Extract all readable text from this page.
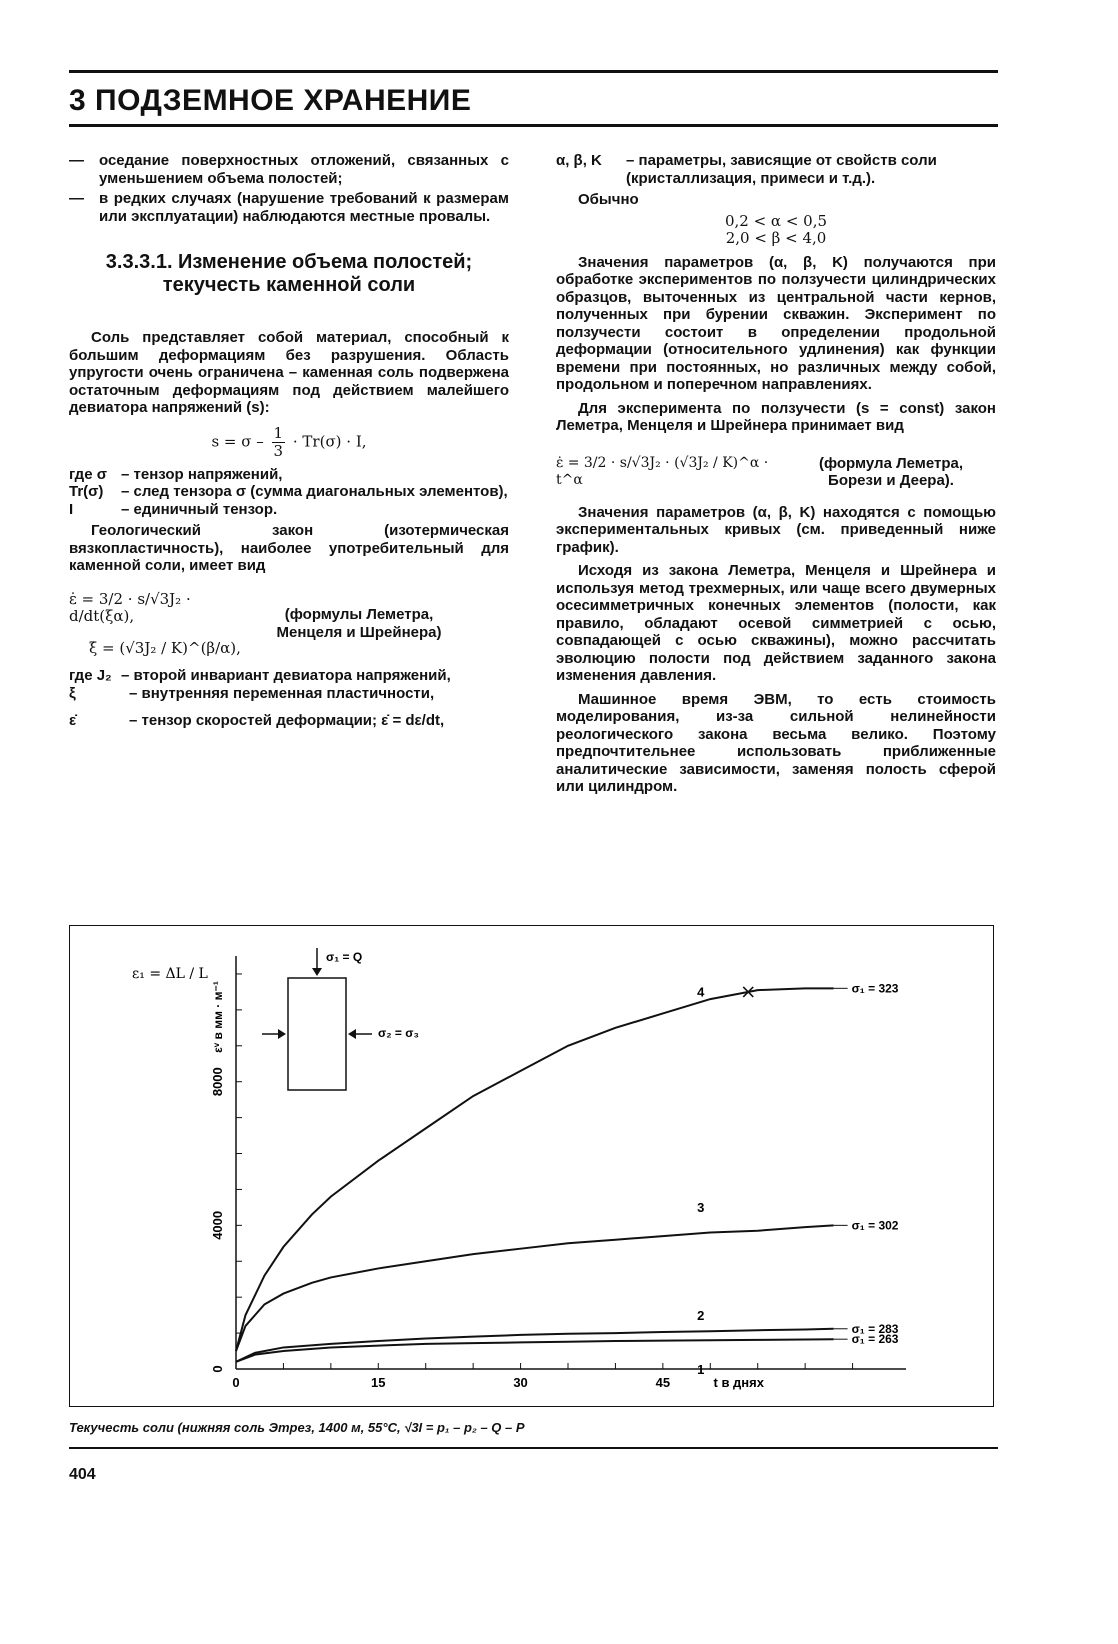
3 ПОДЗЕМНОЕ ХРАНЕНИЕ
—	оседание поверхностных отложений, связанных с уменьшением объема полостей;
—	в редких случаях (нарушение требований к размерам или эксплуатации) наблюдаются местные провалы.
3.3.3.1. Изменение объема полостей;
текучесть каменной соли

Соль представляет собой материал, способный к большим деформациям без разрушения. Область упругости очень ограничена – каменная соль подвержена остаточным деформациям под действием малейшего девиатора напряжений (s):

$s = \sigma - \frac{1}{3} \cdot Tr(\sigma) \cdot I$,
где σ – тензор напряжений,
Tr(σ)	– след тензора σ (сумма диагональных элементов),
I	– единичный тензор.

Геологический закон (изотермическая вязкопластичность), наиболее употребительный для каменной соли, имеет вид

ε̇ = 3/2 · s/√3J₂ · d/dt(ξα),
ξ̇ = (√3J₂ / K)^(β/α),
(формулы Леметра, Менцеля и Шрейнера)
где J₂ – второй инвариант девиатора напряжений,
ξ	– внутренняя переменная пластичности,
ε̇	– тензор скоростей деформации; ε̇ = dε/dt,
α, β, K	– параметры, зависящие от свойств соли (кристаллизация, примеси и т.д.).

Обычно

0,2 < α < 0,5
2,0 < β < 4,0

Значения параметров (α, β, K) получаются при обработке экспериментов по ползучести цилиндрических образцов, выточенных из центральной части кернов, полученных при бурении скважин. Эксперимент по ползучести состоит в определении продольной деформации (относительного удлинения) как функции времени при постоянных, но различных между собой, продольном и поперечном направлениях.

Для эксперимента по ползучести (s = const) закон Леметра, Менцеля и Шрейнера принимает вид

ε̇ = 3/2 · s/√3J₂ · (√3J₂ / K)^α · t^α
(формула Леметра,
Борези и Деера).

Значения параметров (α, β, K) находятся с помощью экспериментальных кривых (см. приведенный ниже график).

Исходя из закона Леметра, Менцеля и Шрейнера и используя метод трехмерных, или чаще всего двумерных осесимметричных конечных элементов (полости, как правило, обладают осевой симметрией с осью, совпадающей с осью скважины), можно рассчитать эволюцию полости под действием заданного закона изменения давления.

Машинное время ЭВМ, то есть стоимость моделирования, из-за сильной нелинейности реологического закона весьма велико. Поэтому предпочтительнее использовать приближенные аналитические зависимости, заменяя полость сферой или цилиндром.

0	15	30	45	t в днях
0
4000
8000
εᵛ в мм · м⁻¹
ε₁ = ΔL / L
σ₁ = Q
σ₂ = σ₃
σ₁ = 263
σ₁ = 283
σ₁ = 302
σ₁ = 323
1
2
3
4
Текучесть соли (нижняя соль Этрез, 1400 м, 55°C, √3I = p₁ – p₂ – Q – P
404
